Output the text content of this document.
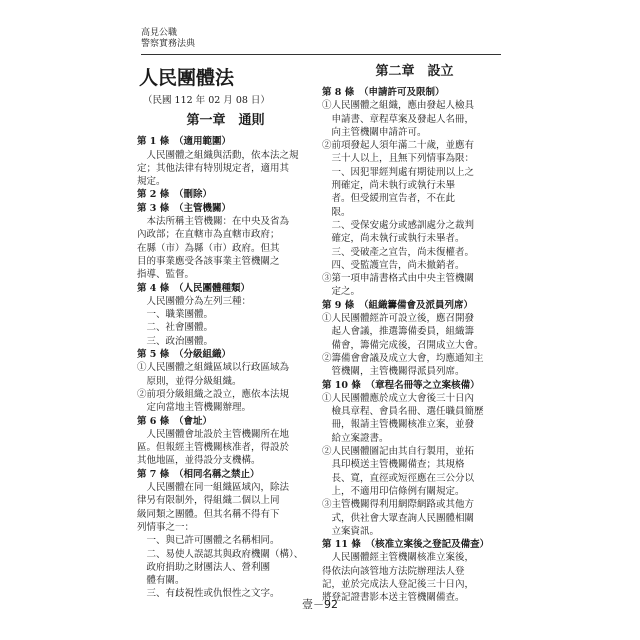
高見公職
警察實務法典
人民團體法
（民國 112 年 02 月 08 日）
第一章　通則
第 1 條　（適用範圍）
人民團體之組織與活動，依本法之規
定；其他法律有特別規定者，適用其
規定。
第 2 條　（刪除）
第 3 條　（主管機關）
本法所稱主管機關：在中央及省為
內政部；在直轄市為直轄市政府；
在縣（市）為縣（市）政府。但其
目的事業應受各該事業主管機關之
指導、監督。
第 4 條　（人民團體種類）
人民團體分為左列三種：
一、職業團體。
二、社會團體。
三、政治團體。
第 5 條　（分級組織）
①人民團體之組織區域以行政區域為
原則，並得分級組織。
②前項分級組織之設立，應依本法規
定向當地主管機關辦理。
第 6 條　（會址）
人民團體會址設於主管機關所在地
區。但報經主管機關核准者，得設於
其他地區，並得設分支機構。
第 7 條　（相同名稱之禁止）
人民團體在同一組織區域內，除法
律另有限制外，得組織二個以上同
級同類之團體。但其名稱不得有下
列情事之一：
一、與已許可團體之名稱相同。
二、易使人誤認其與政府機關（構）、
政府捐助之財團法人、營利團
體有關。
三、有歧視性或仇恨性之文字。
第二章　設立
第 8 條　（申請許可及限制）
①人民團體之組織，應由發起人檢具
申請書、章程草案及發起人名冊，
向主管機關申請許可。
②前項發起人須年滿二十歲，並應有
三十人以上，且無下列情事為限：
一、因犯罪經判處有期徒刑以上之
刑確定，尚未執行或執行未畢
者。但受緩刑宣告者，不在此
限。
二、受保安處分或感訓處分之裁判
確定，尚未執行或執行未畢者。
三、受破產之宣告，尚未復權者。
四、受監護宣告，尚未撤銷者。
③第一項申請書格式由中央主管機關
定之。
第 9 條　（組織籌備會及派員列席）
①人民團體經許可設立後，應召開發
起人會議，推選籌備委員，組織籌
備會，籌備完成後，召開成立大會。
②籌備會會議及成立大會，均應通知主
管機關，主管機關得派員列席。
第 10 條　（章程名冊等之立案核備）
①人民團體應於成立大會後三十日內
檢具章程、會員名冊、選任職員簡歷
冊，報請主管機關核准立案，並發
給立案證書。
②人民團體圖記由其自行製用，並拓
具印模送主管機關備查；其規格
長、寬，直徑或短徑應在三公分以
上，不適用印信條例有關規定。
③主管機關得利用網際網路或其他方
式，供社會大眾查詢人民團體相關
立案資訊。
第 11 條　（核准立案後之登記及備查）
人民團體經主管機關核准立案後，
得依法向該管地方法院辦理法人登
記，並於完成法人登記後三十日內，
將登記證書影本送主管機關備查。
壹－92
